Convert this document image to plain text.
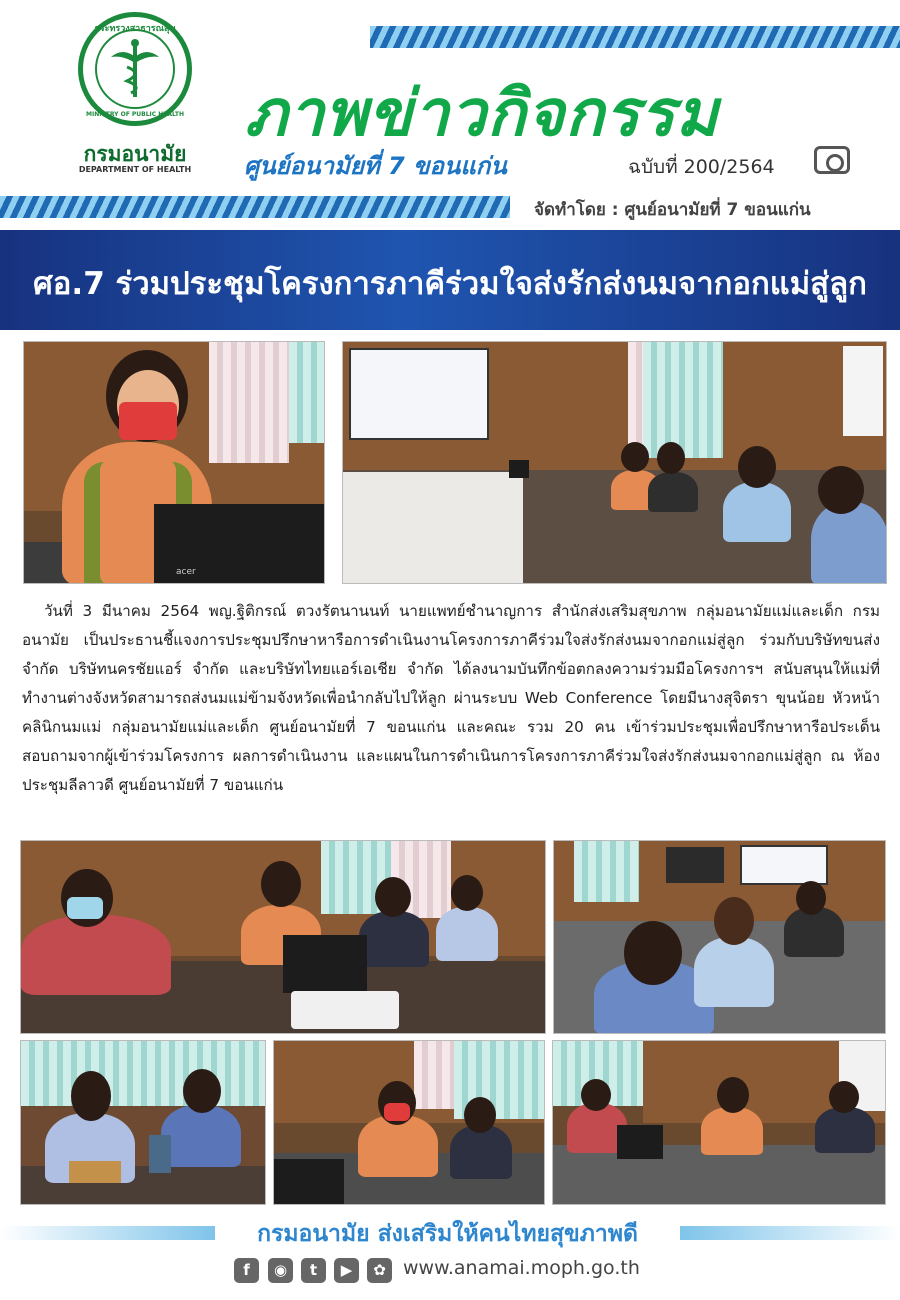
กระทรวงสาธารณสุข
MINISTRY OF PUBLIC HEALTH
กรมอนามัย
DEPARTMENT OF HEALTH
ภาพข่าวกิจกรรม
ศูนย์อนามัยที่ 7 ขอนแก่น	ฉบับที่ 200/2564
จัดทำโดย : ศูนย์อนามัยที่ 7 ขอนแก่น
ศอ.7 ร่วมประชุมโครงการภาคีร่วมใจส่งรักส่งนมจากอกแม่สู่ลูก
acer

วันที่ 3 มีนาคม 2564 พญ.ฐิติกรณ์ ตวงรัตนานนท์ นายแพทย์ชำนาญการ สำนักส่งเสริมสุขภาพ กลุ่มอนามัยแม่และเด็ก กรมอนามัย เป็นประธานชี้แจงการประชุมปรึกษาหารือการดำเนินงานโครงการภาคีร่วมใจส่งรักส่งนมจากอกแม่สู่ลูก ร่วมกับบริษัทขนส่ง จำกัด บริษัทนครชัยแอร์ จำกัด และบริษัทไทยแอร์เอเชีย จำกัด ได้ลงนามบันทึกข้อตกลงความร่วมมือโครงการฯ สนับสนุนให้แม่ที่ทำงานต่างจังหวัดสามารถส่งนมแม่ข้ามจังหวัดเพื่อนำกลับไปให้ลูก ผ่านระบบ Web Conference โดยมีนางสุจิตรา ขุนน้อย หัวหน้าคลินิกนมแม่ กลุ่มอนามัยแม่และเด็ก ศูนย์อนามัยที่ 7 ขอนแก่น และคณะ รวม 20 คน เข้าร่วมประชุมเพื่อปรึกษาหารือประเด็นสอบถามจากผู้เข้าร่วมโครงการ ผลการดำเนินงาน และแผนในการดำเนินการโครงการภาคีร่วมใจส่งรักส่งนมจากอกแม่สู่ลูก ณ ห้องประชุมลีลาวดี ศูนย์อนามัยที่ 7 ขอนแก่น

กรมอนามัย ส่งเสริมให้คนไทยสุขภาพดี
f	◉	t	▶	✿ www.anamai.moph.go.th
